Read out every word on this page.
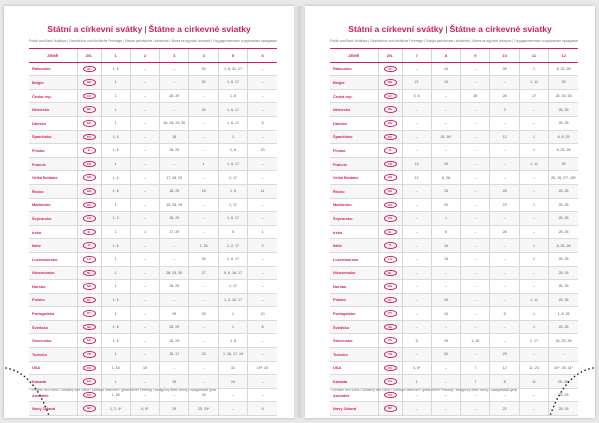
Státní a církevní svátky | Štátne a cirkevné sviatky
Public and Bank Holidays | Gesetzliche und kirchliche Feiertage | Święta państwowe i kościelne | Állami és egyházi ünnepek | Государственные и церковные праздники
ZEMĚ	ZN.	1	2	3	4	5	6
Rakousko	AT	1, 6	–	–	30	1, 6, 31, 17	–
Belgie	BE	1	–	–	30	1, 6, 17	–
Česká rep.	CZ	1	–	28, 29	–	1, 8	–
Německo	DE	1	–	–	30	1, 6, 17	–
Dánsko	DK	1	–	26, 28, 29, 30	–	1, 6, 17	5
Španělsko	ES	1, 6	–	18	–	1	–
Finsko	FI	1, 6	–	28, 29	–	1, 6	20
Francie	FR	1	–	–	1	1, 8, 17	–
Velká Británie	GB	1, 4	–	17, 28, 29	–	2, 17	–
Řecko	GR	1, 6	–	18, 25	18	1, 5	11
Maďarsko	HU	1	–	15, 28, 29	–	1, 17	–
Švýcarsko	CH	1, 2	–	28, 29	–	1, 6, 17	–
Irsko	IE	1	1	17, 29	–	5	1
Itálie	IT	1, 6	–	–	1, 25	1, 2, 17	2
Lucembursko	LU	1	–	–	30	1, 9, 17	–
Nizozemsko	NL	1	–	28, 29, 30	27	5, 6, 16, 17	–
Norsko	NO	1	–	28, 29	–	1, 17	–
Polsko	PL	1, 6	–	–	–	1, 3, 16, 17	–
Portugalsko	PT	1	–	29	25	1	10
Švédsko	SE	1, 6	–	28, 29	–	1	6
Slovensko	SK	1, 6	–	28, 29	–	1, 8	–
Turecko	TR	1	–	15, 17	23	1, 16, 17, 19	–
USA	US	1, 18	15	–	–	31	19*, 20
Kanada	CA	1	–	29	–	24	–
Austrálie	AU	1, 26	–	–	25	–	–
Nový Zéland	NZ	1, 2, 4*	6, 8*	29	25, 29*	–	5
* odhadní den volna / odhadný deň voľna / holidays observed / gesetzlicher Feiertag / zastępczy dzień wolny / ожидаемый день
Státní a církevní svátky | Štátne a cirkevné sviatky
Public and Bank Holidays | Gesetzliche und kirchliche Feiertage | Święta państwowe i kościelne | Állami és egyházi ünnepek | Государственные и церковные праздники
ZEMĚ	ZN.	7	8	9	10	11	12
Rakousko	AT	–	15	–	26	1	8, 25, 26
Belgie	BE	21	15	–	–	1, 11	25
Česká rep.	CZ	5, 6	–	28	28	17	24, 25, 26
Německo	DE	–	–	–	3	–	25, 26
Dánsko	DK	–	–	–	–	–	25, 26
Španělsko	ES	–	15, 16*	–	12	1	6, 8, 25
Finsko	FI	–	–	–	–	1	6, 25, 26
Francie	FR	14	15	–	–	1, 11	25
Velká Británie	GB	12	6, 28	–	–	–	25, 26, 27*, 28*
Řecko	GR	–	15	–	28	–	25, 26
Maďarsko	HU	–	20	–	23	1	25, 26
Švýcarsko	CH	–	1	–	–	–	25, 26
Irsko	IE	–	6	–	28	–	25, 26
Itálie	IT	–	15	–	–	1	8, 25, 26
Lucembursko	LU	–	15	–	–	1	25, 26
Nizozemsko	NL	–	–	–	–	–	25, 26
Norsko	NO	–	–	–	–	–	25, 26
Polsko	PL	–	15	–	–	1, 11	25, 26
Portugalsko	PT	–	15	–	5	1	1, 8, 25
Švédsko	SE	–	–	–	–	1	25, 26
Slovensko	SK	5	29	1, 15	–	1, 17	24, 25, 26
Turecko	TR	–	30	–	29	–	–
USA	US	4, 5*	–	7	12	11, 23	24*, 25, 31*
Kanada	CA	1	–	7	8	11	25, 26*
Austrálie	AU	–	–	–	–	–	25, 26
Nový Zéland	NZ	–	–	–	22	–	25, 26
* odhadní den volna / odhadný deň voľna / holidays observed / gesetzlicher Feiertag / zastępczy dzień wolny / ожидаемый день
